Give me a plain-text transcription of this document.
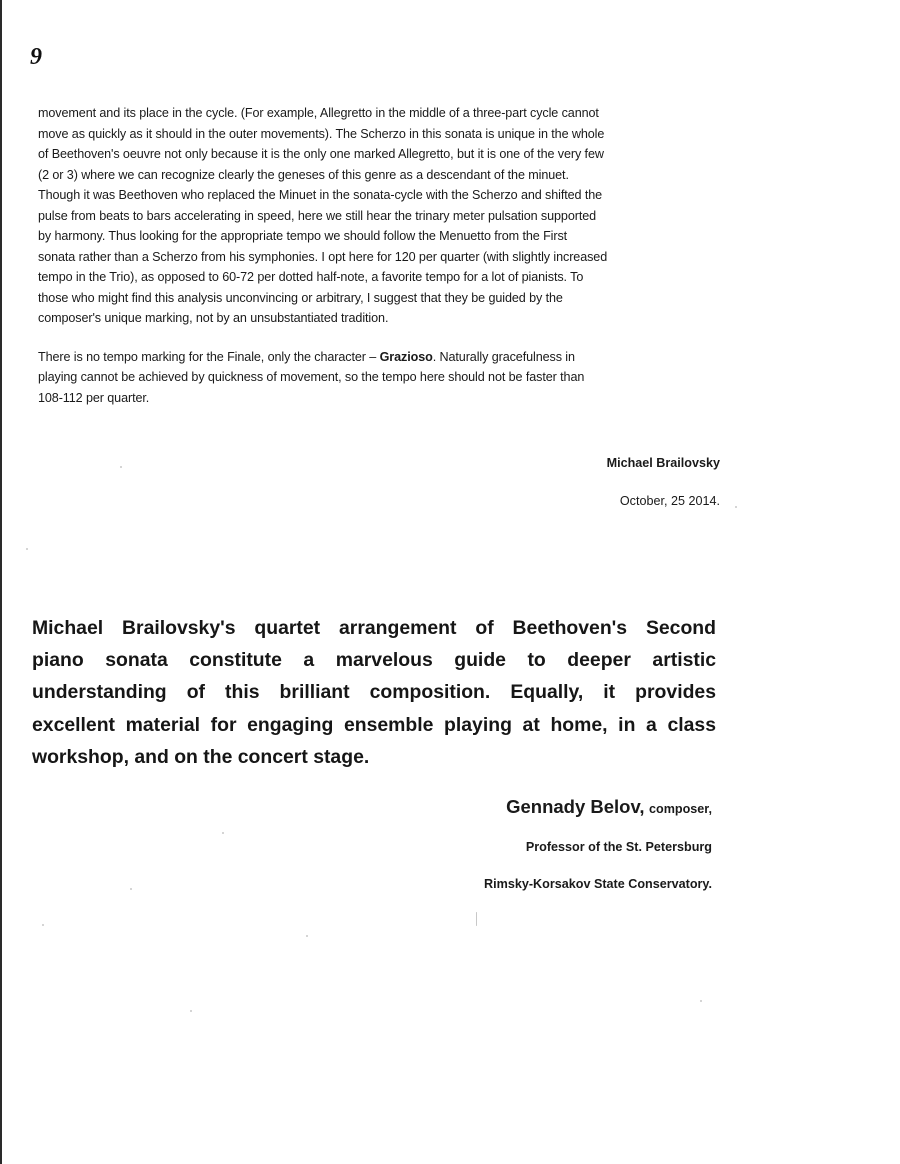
9

movement and its place in the cycle. (For example, Allegretto in the middle of a three-part cycle cannot
move as quickly as it should in the outer movements). The Scherzo in this sonata is unique in the whole
of Beethoven's oeuvre not only because it is the only one marked Allegretto, but it is one of the very few
(2 or 3) where we can recognize clearly the geneses of this genre as a descendant of the minuet.
Though it was Beethoven who replaced the Minuet in the sonata-cycle with the Scherzo and shifted the
pulse from beats to bars accelerating in speed, here we still hear the trinary meter pulsation supported
by harmony. Thus looking for the appropriate tempo we should follow the Menuetto from the First
sonata rather than a Scherzo from his symphonies. I opt here for 120 per quarter (with slightly increased
tempo in the Trio), as opposed to 60-72 per dotted half-note, a favorite tempo for a lot of pianists. To
those who might find this analysis unconvincing or arbitrary, I suggest that they be guided by the
composer's unique marking, not by an unsubstantiated tradition.

There is no tempo marking for the Finale, only the character – Grazioso. Naturally gracefulness in
playing cannot be achieved by quickness of movement, so the tempo here should not be faster than
108-112 per quarter.

Michael Brailovsky
October, 25 2014.
Michael Brailovsky's quartet arrangement of Beethoven's Second
piano sonata constitute a marvelous guide to deeper artistic
understanding of this brilliant composition. Equally, it provides
excellent material for engaging ensemble playing at home, in a class
workshop, and on the concert stage.
Gennady Belov, composer,
Professor of the St. Petersburg
Rimsky-Korsakov State Conservatory.
